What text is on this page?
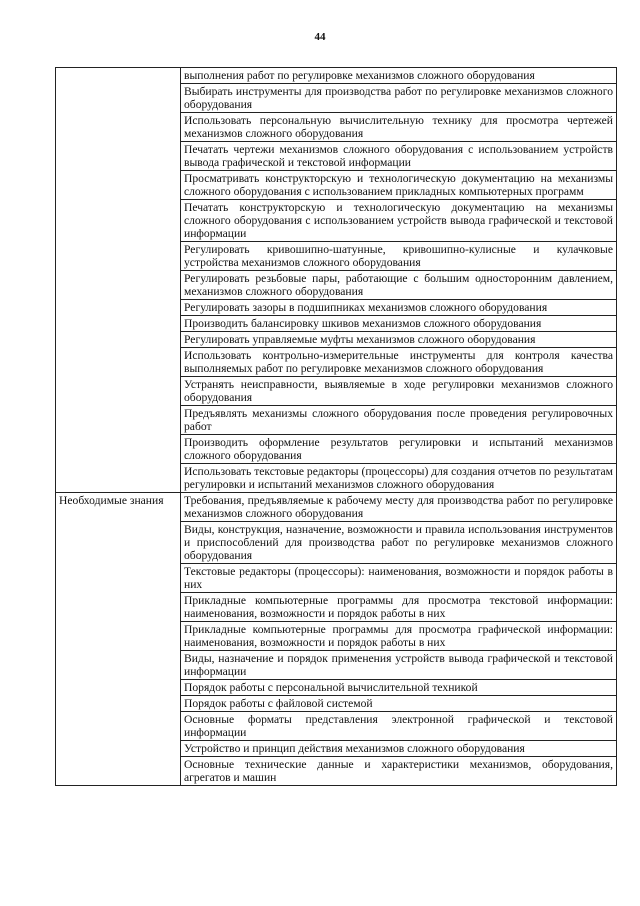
44
	выполнения работ по регулировке механизмов сложного оборудования
	Выбирать инструменты для производства работ по регулировке механизмов сложного оборудования
	Использовать персональную вычислительную технику для просмотра чертежей механизмов сложного оборудования
	Печатать чертежи механизмов сложного оборудования с использованием устройств вывода графической и текстовой информации
	Просматривать конструкторскую и технологическую документацию на механизмы сложного оборудования с использованием прикладных компьютерных программ
	Печатать конструкторскую и технологическую документацию на механизмы сложного оборудования с использованием устройств вывода графической и текстовой информации
	Регулировать кривошипно-шатунные, кривошипно-кулисные и кулачковые устройства механизмов сложного оборудования
	Регулировать резьбовые пары, работающие с большим односторонним давлением, механизмов сложного оборудования
	Регулировать зазоры в подшипниках механизмов сложного оборудования
	Производить балансировку шкивов механизмов сложного оборудования
	Регулировать управляемые муфты механизмов сложного оборудования
	Использовать контрольно-измерительные инструменты для контроля качества выполняемых работ по регулировке механизмов сложного оборудования
	Устранять неисправности, выявляемые в ходе регулировки механизмов сложного оборудования
	Предъявлять механизмы сложного оборудования после проведения регулировочных работ
	Производить оформление результатов регулировки и испытаний механизмов сложного оборудования
	Использовать текстовые редакторы (процессоры) для создания отчетов по результатам регулировки и испытаний механизмов сложного оборудования
Необходимые знания	Требования, предъявляемые к рабочему месту для производства работ по регулировке механизмов сложного оборудования
	Виды, конструкция, назначение, возможности и правила использования инструментов и приспособлений для производства работ по регулировке механизмов сложного оборудования
	Текстовые редакторы (процессоры): наименования, возможности и порядок работы в них
	Прикладные компьютерные программы для просмотра текстовой информации: наименования, возможности и порядок работы в них
	Прикладные компьютерные программы для просмотра графической информации: наименования, возможности и порядок работы в них
	Виды, назначение и порядок применения устройств вывода графической и текстовой информации
	Порядок работы с персональной вычислительной техникой
	Порядок работы с файловой системой
	Основные форматы представления электронной графической и текстовой информации
	Устройство и принцип действия механизмов сложного оборудования
	Основные технические данные и характеристики механизмов, оборудования, агрегатов и машин
